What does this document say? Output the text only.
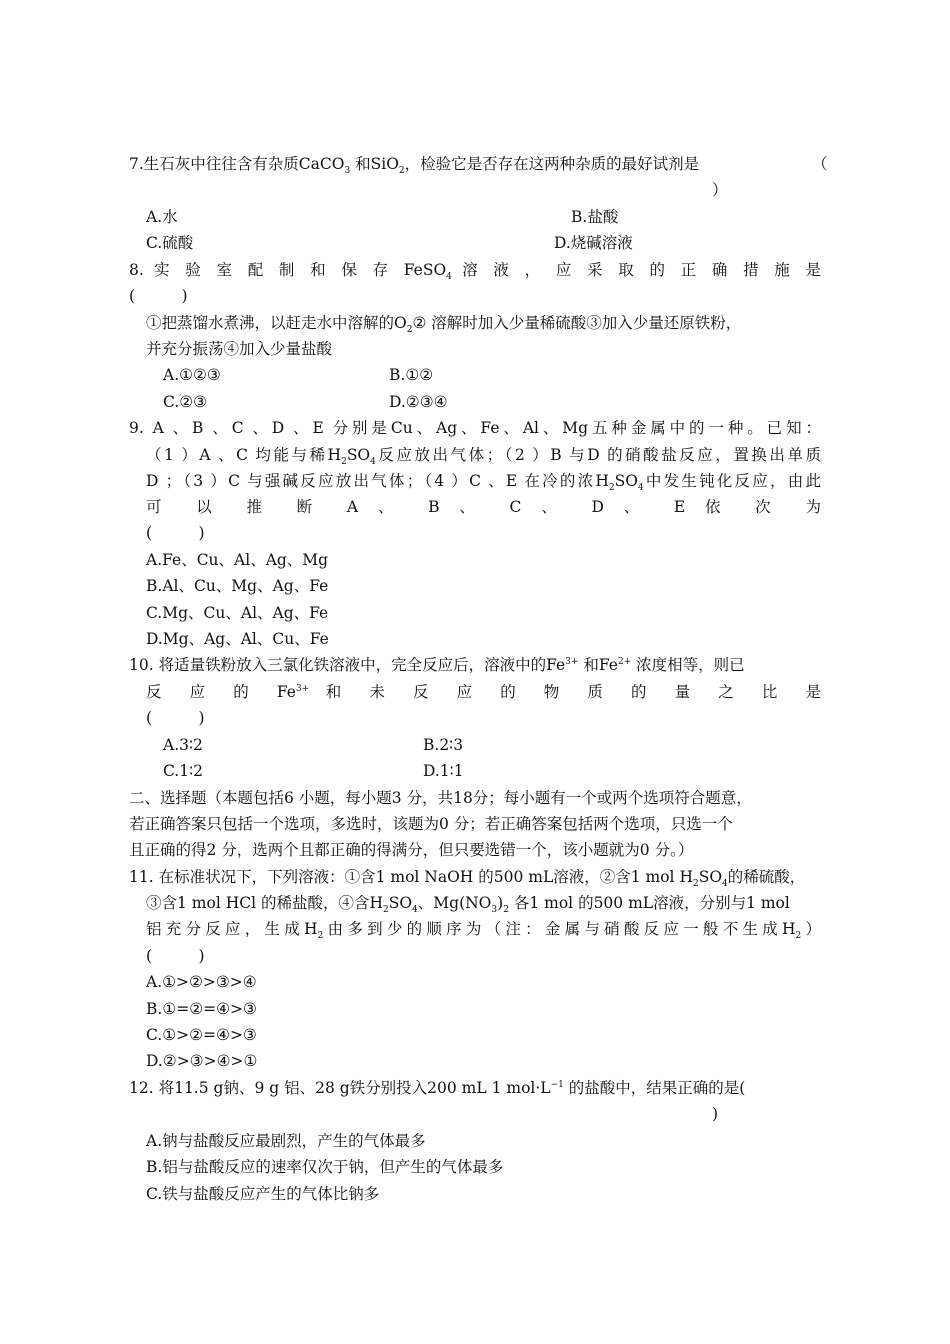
7.生石灰中往往含有杂质CaCO$_3$ 和SiO$_2$，检验它是否存在这两种杂质的最好试剂是	（
）
A.水	B.盐酸
C.硫酸	D.烧碱溶液
8. 实 验 室 配 制 和 保 存 FeSO$_4$ 溶 液 ， 应 采 取 的 正 确 措 施 是
(　　　)
①把蒸馏水煮沸，以赶走水中溶解的$O_2②$ 溶解时加入少量稀硫酸③加入少量还原铁粉，
并充分振荡④加入少量盐酸
A.①②③	B.①②
C.②③	D.②③④
9. A 、B 、C 、D 、E 分别是Cu、Ag、Fe、Al、Mg五种金属中的一种。已知：
（1 ）A 、C 均能与稀$H_2SO_4$反应放出气体；（2 ）B 与D 的硝酸盐反应，置换出单质
D ；（3 ）C 与强碱反应放出气体；（4 ）C 、E 在冷的浓$H_2SO_4$中发生钝化反应，由此
可 以 推 断 A 、 B 、 C 、 D 、 E 依 次 为
(　　　)
A.Fe、Cu、Al、Ag、Mg
B.Al、Cu、Mg、Ag、Fe
C.Mg、Cu、Al、Ag、Fe
D.Mg、Ag、Al、Cu、Fe
10. 将适量铁粉放入三氯化铁溶液中，完全反应后，溶液中的$Fe^{3+}$ 和$Fe^{2+}$ 浓度相等，则已
反 应 的 $Fe^{3+}$ 和 未 反 应 的 物 质 的 量 之 比 是
(　　　)
A.3∶2	B.2∶3
C.1∶2	D.1∶1
二、选择题（本题包括6 小题，每小题3 分，共18分；每小题有一个或两个选项符合题意，
若正确答案只包括一个选项，多选时，该题为0 分；若正确答案包括两个选项，只选一个
且正确的得2 分，选两个且都正确的得满分，但只要选错一个，该小题就为0 分。）
11. 在标准状况下，下列溶液：①含1 mol NaOH 的500 mL溶液，②含1 mol $H_2SO_4$的稀硫酸，
③含1 mol HCl 的稀盐酸，④含$H_2SO_4$、$Mg(NO_3)_2$ 各1 mol 的500 mL溶液，分别与1 mol
铝充分反应，生成$H_2$由多到少的顺序为（注：金属与硝酸反应一般不生成$H_2$）
(　　　)
A.①>②>③>④
B.①=②=④>③
C.①>②=④>③
D.②>③>④>①
12. 将11.5 g钠、9 g 铝、28 g铁分别投入200 mL 1 $mol\cdot L^{-1}$ 的盐酸中，结果正确的是(
)
A.钠与盐酸反应最剧烈，产生的气体最多
B.铝与盐酸反应的速率仅次于钠，但产生的气体最多
C.铁与盐酸反应产生的气体比钠多
